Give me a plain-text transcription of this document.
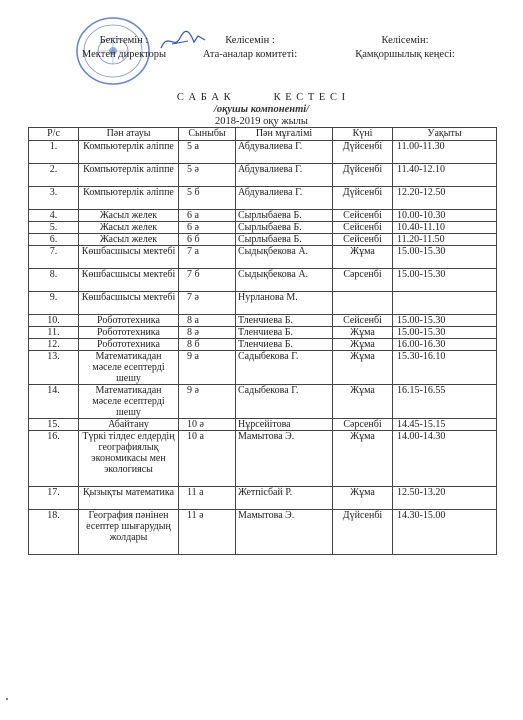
Бекітемін :
Мектеп директоры
Келісемін :
Ата-аналар комитеті:
Келісемін:
Қамқоршылық кеңесі:
С А Б А К	К Е С Т Е С І
/оқушы компоненті/
2018-2019 оқу жылы
Р/с	Пән атауы	Сыныбы	Пән мұғалімі	Күні	Уақыты
1.	Компьютерлік әліппе	5 а	Абдувалиева Г.	Дүйсенбі	11.00-11.30
2.	Компьютерлік әліппе	5 ә	Абдувалиева Г.	Дүйсенбі	11.40-12.10
3.	Компьютерлік әліппе	5 б	Абдувалиева Г.	Дүйсенбі	12.20-12.50
4.	Жасыл желек	6 а	Сырлыбаева Б.	Сейсенбі	10.00-10.30
5.	Жасыл желек	6 ә	Сырлыбаева Б.	Сейсенбі	10.40-11.10
6.	Жасыл желек	6 б	Сырлыбаева Б.	Сейсенбі	11.20-11.50
7.	Көшбасшысы мектебі	7 а	Сыдықбекова А.	Жұма	15.00-15.30
8.	Көшбасшысы мектебі	7 б	Сыдықбекова А.	Сәрсенбі	15.00-15.30
9.	Көшбасшысы мектебі	7 ә	Нурланова М.		
10.	Робототехника	8 а	Тленчиева Б.	Сейсенбі	15.00-15.30
11.	Робототехника	8 ә	Тленчиева Б.	Жұма	15.00-15.30
12.	Робототехника	8 б	Тленчиева Б.	Жұма	16.00-16.30
13.	Математикадан мәселе есептерді шешу	9 а	Садыбекова Г.	Жұма	15.30-16.10
14.	Математикадан мәселе есептерді шешу	9 ә	Садыбекова Г.	Жұма	16.15-16.55
15.	Абайтану	10 ә	Нұрсейітова	Сәрсенбі	14.45-15.15
16.	Түркі тілдес елдердің географиялық экономикасы мен экологиясы	10 а	Мамытова Э.	Жұма	14.00-14.30
17.	Қызықты математика	11 а	Жетпісбай Р.	Жұма	12.50-13.20
18.	География пәнінен есептер шығарудың жолдары	11 ә	Мамытова Э.	Дүйсенбі	14.30-15.00
